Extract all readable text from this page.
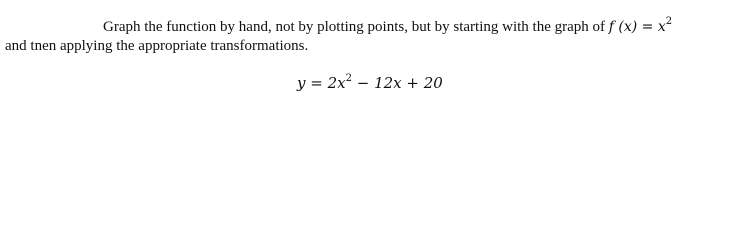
Graph the function by hand, not by plotting points, but by starting with the graph of f $(x) = x^2$
and tnen applying the appropriate transformations.
$y = 2x^2 - 12x + 20$
